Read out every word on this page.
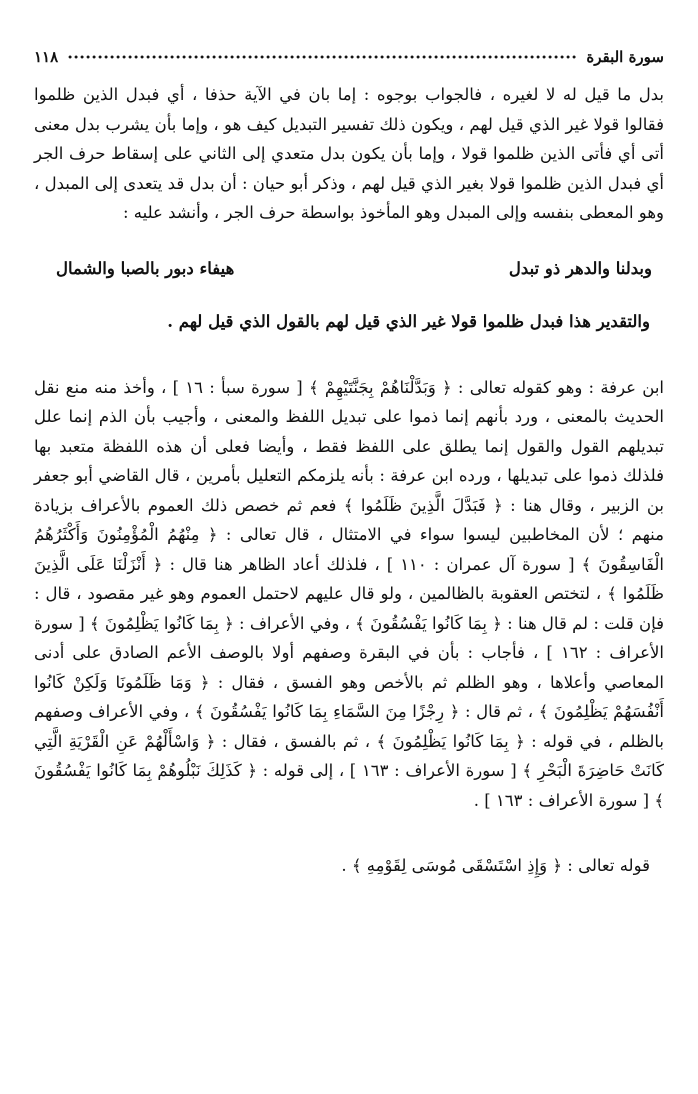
سورة البقرة
١١٨

بدل ما قيل له لا لغيره ، فالجواب بوجوه : إما بان في الآية حذفا ، أي فبدل الذين ظلموا فقالوا قولا غير الذي قيل لهم ، ويكون ذلك تفسير التبديل كيف هو ، وإما بأن يشرب بدل معنى أتى أي فأتى الذين ظلموا قولا ، وإما بأن يكون بدل متعدي إلى الثاني على إسقاط حرف الجر أي فبدل الذين ظلموا قولا بغير الذي قيل لهم ، وذكر أبو حيان : أن بدل قد يتعدى إلى المبدل ، وهو المعطى بنفسه وإلى المبدل وهو المأخوذ بواسطة حرف الجر ، وأنشد عليه :

وبدلنا والدهر ذو تبدل
هيفاء دبور بالصبا والشمال

والتقدير هذا فبدل ظلموا قولا غير الذي قيل لهم بالقول الذي قيل لهم .

ابن عرفة : وهو كقوله تعالى : ﴿ وَبَدَّلْنَاهُمْ بِجَنَّتَيْهِمْ ﴾ [ سورة سبأ : ١٦ ] ، وأخذ منه منع نقل الحديث بالمعنى ، ورد بأنهم إنما ذموا على تبديل اللفظ والمعنى ، وأجيب بأن الذم إنما علل تبديلهم القول والقول إنما يطلق على اللفظ فقط ، وأيضا فعلى أن هذه اللفظة متعبد بها فلذلك ذموا على تبديلها ، ورده ابن عرفة : بأنه يلزمكم التعليل بأمرين ، قال القاضي أبو جعفر بن الزبير ، وقال هنا : ﴿ فَبَدَّلَ الَّذِينَ ظَلَمُوا ﴾ فعم ثم خصص ذلك العموم بالأعراف بزيادة منهم ؛ لأن المخاطبين ليسوا سواء في الامتثال ، قال تعالى : ﴿ مِنْهُمُ الْمُؤْمِنُونَ وَأَكْثَرُهُمُ الْفَاسِقُونَ ﴾ [ سورة آل عمران : ١١٠ ] ، فلذلك أعاد الظاهر هنا قال : ﴿ أَنْزَلْنَا عَلَى الَّذِينَ ظَلَمُوا ﴾ ، لتختص العقوبة بالظالمين ، ولو قال عليهم لاحتمل العموم وهو غير مقصود ، قال : فإن قلت : لم قال هنا : ﴿ بِمَا كَانُوا يَفْسُقُونَ ﴾ ، وفي الأعراف : ﴿ بِمَا كَانُوا يَظْلِمُونَ ﴾ [ سورة الأعراف : ١٦٢ ] ، فأجاب : بأن في البقرة وصفهم أولا بالوصف الأعم الصادق على أدنى المعاصي وأعلاها ، وهو الظلم ثم بالأخص وهو الفسق ، فقال : ﴿ وَمَا ظَلَمُونَا وَلَكِنْ كَانُوا أَنْفُسَهُمْ يَظْلِمُونَ ﴾ ، ثم قال : ﴿ رِجْزًا مِنَ السَّمَاءِ بِمَا كَانُوا يَفْسُقُونَ ﴾ ، وفي الأعراف وصفهم بالظلم ، في قوله : ﴿ بِمَا كَانُوا يَظْلِمُونَ ﴾ ، ثم بالفسق ، فقال : ﴿ وَاسْأَلْهُمْ عَنِ الْقَرْيَةِ الَّتِي كَانَتْ حَاضِرَةَ الْبَحْرِ ﴾ [ سورة الأعراف : ١٦٣ ] ، إلى قوله : ﴿ كَذَلِكَ نَبْلُوهُمْ بِمَا كَانُوا يَفْسُقُونَ ﴾ [ سورة الأعراف : ١٦٣ ] .

قوله تعالى : ﴿ وَإِذِ اسْتَسْقَى مُوسَى لِقَوْمِهِ ﴾ .
